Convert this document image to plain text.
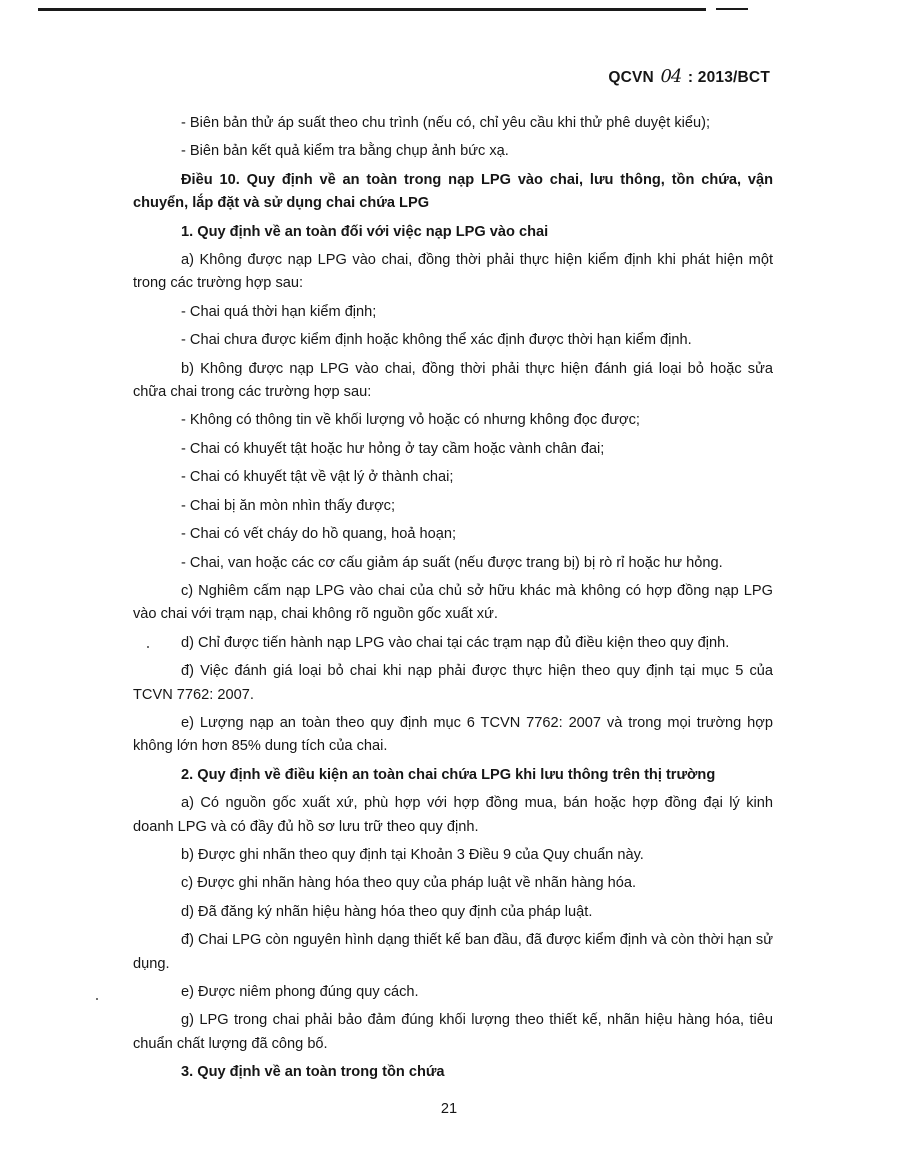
QCVN 04 : 2013/BCT

- Biên bản thử áp suất theo chu trình (nếu có, chỉ yêu cầu khi thử phê duyệt kiểu);

- Biên bản kết quả kiểm tra bằng chụp ảnh bức xạ.

Điều 10. Quy định về an toàn trong nạp LPG vào chai, lưu thông, tồn chứa, vận chuyển, lắp đặt và sử dụng chai chứa LPG

1. Quy định về an toàn đối với việc nạp LPG vào chai

a) Không được nạp LPG vào chai, đồng thời phải thực hiện kiểm định khi phát hiện một trong các trường hợp sau:

- Chai quá thời hạn kiểm định;

- Chai chưa được kiểm định hoặc không thể xác định được thời hạn kiểm định.

b) Không được nạp LPG vào chai, đồng thời phải thực hiện đánh giá loại bỏ hoặc sửa chữa chai trong các trường hợp sau:

- Không có thông tin về khối lượng vỏ hoặc có nhưng không đọc được;

- Chai có khuyết tật hoặc hư hỏng ở tay cầm hoặc vành chân đai;

- Chai có khuyết tật về vật lý ở thành chai;

- Chai bị ăn mòn nhìn thấy được;

- Chai có vết cháy do hồ quang, hoả hoạn;

- Chai, van hoặc các cơ cấu giảm áp suất (nếu được trang bị) bị rò rỉ hoặc hư hỏng.

c) Nghiêm cấm nạp LPG vào chai của chủ sở hữu khác mà không có hợp đồng nạp LPG vào chai với trạm nạp, chai không rõ nguồn gốc xuất xứ.

d) Chỉ được tiến hành nạp LPG vào chai tại các trạm nạp đủ điều kiện theo quy định.

đ) Việc đánh giá loại bỏ chai khi nạp phải được thực hiện theo quy định tại mục 5 của TCVN 7762: 2007.

e) Lượng nạp an toàn theo quy định mục 6 TCVN 7762: 2007 và trong mọi trường hợp không lớn hơn 85% dung tích của chai.

2. Quy định về điều kiện an toàn chai chứa LPG khi lưu thông trên thị trường

a) Có nguồn gốc xuất xứ, phù hợp với hợp đồng mua, bán hoặc hợp đồng đại lý kinh doanh LPG và có đầy đủ hồ sơ lưu trữ theo quy định.

b) Được ghi nhãn theo quy định tại Khoản 3 Điều 9 của Quy chuẩn này.

c) Được ghi nhãn hàng hóa theo quy của pháp luật về nhãn hàng hóa.

d) Đã đăng ký nhãn hiệu hàng hóa theo quy định của pháp luật.

đ) Chai LPG còn nguyên hình dạng thiết kế ban đầu, đã được kiểm định và còn thời hạn sử dụng.

e) Được niêm phong đúng quy cách.

g) LPG trong chai phải bảo đảm đúng khối lượng theo thiết kế, nhãn hiệu hàng hóa, tiêu chuẩn chất lượng đã công bố.

3. Quy định về an toàn trong tồn chứa

21
